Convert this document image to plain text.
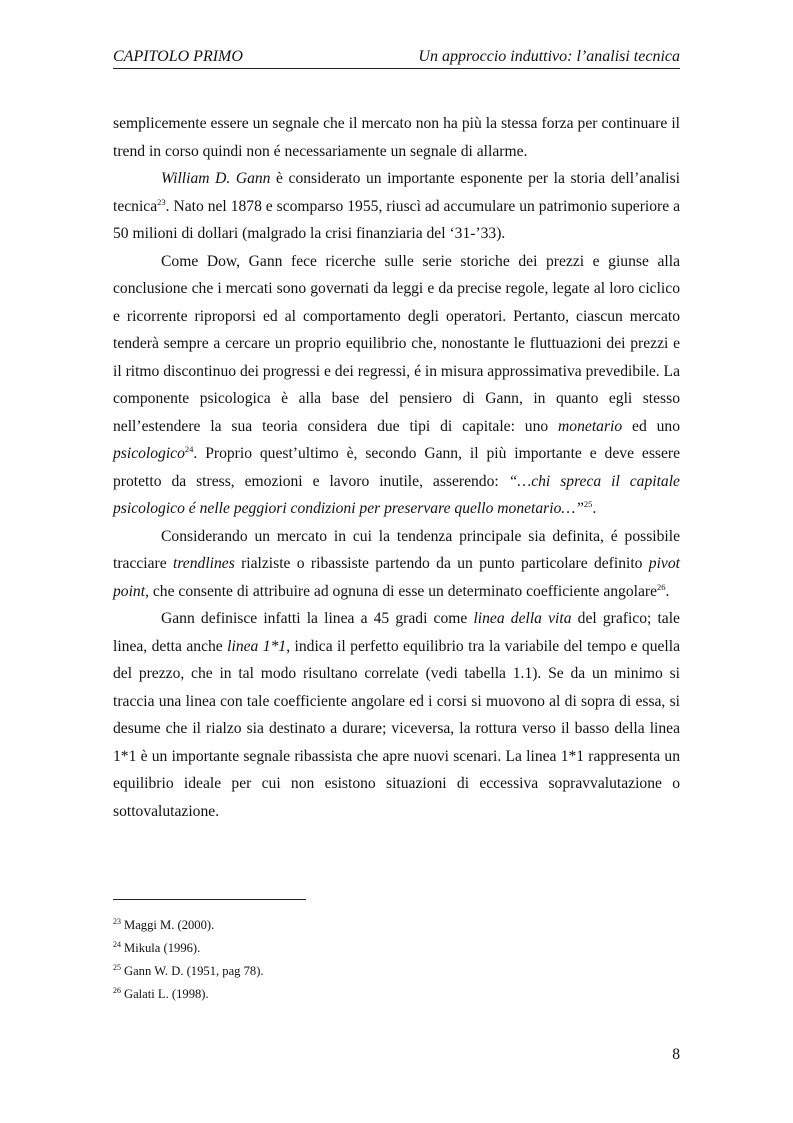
CAPITOLO PRIMO	Un approccio induttivo: l’analisi tecnica

semplicemente essere un segnale che il mercato non ha più la stessa forza per continuare il trend in corso quindi non é necessariamente un segnale di allarme.

William D. Gann è considerato un importante esponente per la storia dell’analisi tecnica$^{23}$. Nato nel 1878 e scomparso 1955, riuscì ad accumulare un patrimonio superiore a 50 milioni di dollari (malgrado la crisi finanziaria del ‘31-’33).

Come Dow, Gann fece ricerche sulle serie storiche dei prezzi e giunse alla conclusione che i mercati sono governati da leggi e da precise regole, legate al loro ciclico e ricorrente riproporsi ed al comportamento degli operatori. Pertanto, ciascun mercato tenderà sempre a cercare un proprio equilibrio che, nonostante le fluttuazioni dei prezzi e il ritmo discontinuo dei progressi e dei regressi, é in misura approssimativa prevedibile. La componente psicologica è alla base del pensiero di Gann, in quanto egli stesso nell’estendere la sua teoria considera due tipi di capitale: uno monetario ed uno psicologico$^{24}$. Proprio quest’ultimo è, secondo Gann, il più importante e deve essere protetto da stress, emozioni e lavoro inutile, asserendo: “…chi spreca il capitale psicologico é nelle peggiori condizioni per preservare quello monetario…”$^{25}$.

Considerando un mercato in cui la tendenza principale sia definita, é possibile tracciare trendlines rialziste o ribassiste partendo da un punto particolare definito pivot point, che consente di attribuire ad ognuna di esse un determinato coefficiente angolare$^{26}$.

Gann definisce infatti la linea a 45 gradi come linea della vita del grafico; tale linea, detta anche linea 1*1, indica il perfetto equilibrio tra la variabile del tempo e quella del prezzo, che in tal modo risultano correlate (vedi tabella 1.1). Se da un minimo si traccia una linea con tale coefficiente angolare ed i corsi si muovono al di sopra di essa, si desume che il rialzo sia destinato a durare; viceversa, la rottura verso il basso della linea 1*1 è un importante segnale ribassista che apre nuovi scenari. La linea 1*1 rappresenta un equilibrio ideale per cui non esistono situazioni di eccessiva sopravvalutazione o sottovalutazione.

$^{23}$ Maggi M. (2000).
$^{24}$ Mikula (1996).
$^{25}$ Gann W. D. (1951, pag 78).
$^{26}$ Galati L. (1998).
8
